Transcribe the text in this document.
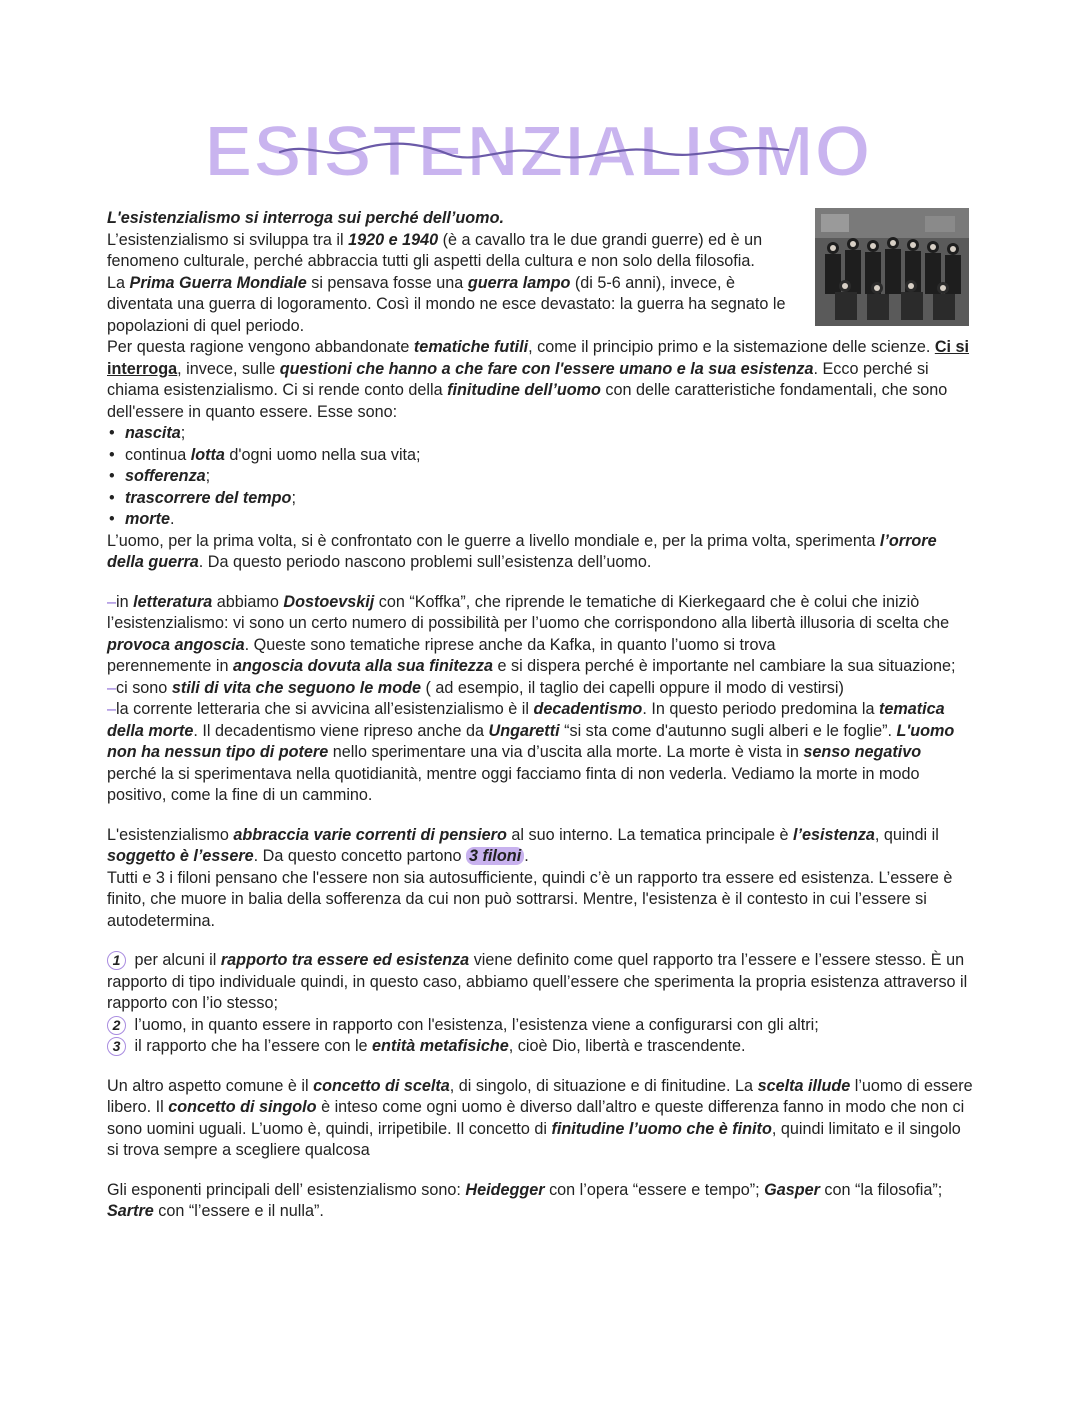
ESISTENZIALISMO

L'esistenzialismo si interroga sui perché dell’uomo.

L’esistenzialismo si sviluppa tra il 1920 e 1940 (è a cavallo tra le due grandi guerre) ed è un fenomeno culturale, perché abbraccia tutti gli aspetti della cultura e non solo della filosofia.

La Prima Guerra Mondiale si pensava fosse una guerra lampo (di 5-6 anni), invece, è diventata una guerra di logoramento. Così il mondo ne esce devastato: la guerra ha segnato le popolazioni di quel periodo.

Per questa ragione vengono abbandonate tematiche futili, come il principio primo e la sistemazione delle scienze. Ci si interroga, invece, sulle questioni che hanno a che fare con l'essere umano e la sua esistenza. Ecco perché si chiama esistenzialismo. Ci si rende conto della finitudine dell’uomo con delle caratteristiche fondamentali, che sono dell'essere in quanto essere. Esse sono:

• nascita;
• continua lotta d'ogni uomo nella sua vita;
• sofferenza;
• trascorrere del tempo;
• morte.

L’uomo, per la prima volta, si è confrontato con le guerre a livello mondiale e, per la prima volta, sperimenta l’orrore della guerra. Da questo periodo nascono problemi sull’esistenza dell’uomo.

–in letteratura abbiamo Dostoevskij con “Koffka”, che riprende le tematiche di Kierkegaard che è colui che iniziò l’esistenzialismo: vi sono un certo numero di possibilità per l’uomo che corrispondono alla libertà illusoria di scelta che provoca angoscia. Queste sono tematiche riprese anche da Kafka, in quanto l’uomo si trova

perennemente in angoscia dovuta alla sua finitezza e si dispera perché è importante nel cambiare la sua situazione;

–ci sono stili di vita che seguono le mode ( ad esempio, il taglio dei capelli oppure il modo di vestirsi)

–la corrente letteraria che si avvicina all’esistenzialismo è il decadentismo. In questo periodo predomina la tematica della morte. Il decadentismo viene ripreso anche da Ungaretti “si sta come d'autunno sugli alberi e le foglie”. L'uomo non ha nessun tipo di potere nello sperimentare una via d’uscita alla morte. La morte è vista in senso negativo perché la si sperimentava nella quotidianità, mentre oggi facciamo finta di non vederla. Vediamo la morte in modo positivo, come la fine di un cammino.

L'esistenzialismo abbraccia varie correnti di pensiero al suo interno. La tematica principale è l’esistenza, quindi il soggetto è l’essere. Da questo concetto partono 3 filoni .

Tutti e 3 i filoni pensano che l'essere non sia autosufficiente, quindi c’è un rapporto tra essere ed esistenza. L’essere è finito, che muore in balia della sofferenza da cui non può sottrarsi. Mentre, l'esistenza è il contesto in cui l’essere si autodetermina.

1 per alcuni il rapporto tra essere ed esistenza viene definito come quel rapporto tra l’essere e l’essere stesso. È un rapporto di tipo individuale quindi, in questo caso, abbiamo quell’essere che sperimenta la propria esistenza attraverso il rapporto con l’io stesso;

2 l’uomo, in quanto essere in rapporto con l'esistenza, l’esistenza viene a configurarsi con gli altri;

3 il rapporto che ha l’essere con le entità metafisiche, cioè Dio, libertà e trascendente.

Un altro aspetto comune è il concetto di scelta, di singolo, di situazione e di finitudine. La scelta illude l’uomo di essere libero. Il concetto di singolo è inteso come ogni uomo è diverso dall’altro e queste differenza fanno in modo che non ci sono uomini uguali. L’uomo è, quindi, irripetibile. Il concetto di finitudine l’uomo che è finito, quindi limitato e il singolo si trova sempre a scegliere qualcosa

Gli esponenti principali dell’ esistenzialismo sono: Heidegger con l’opera “essere e tempo”; Gasper con “la filosofia”; Sartre con “l’essere e il nulla”.
